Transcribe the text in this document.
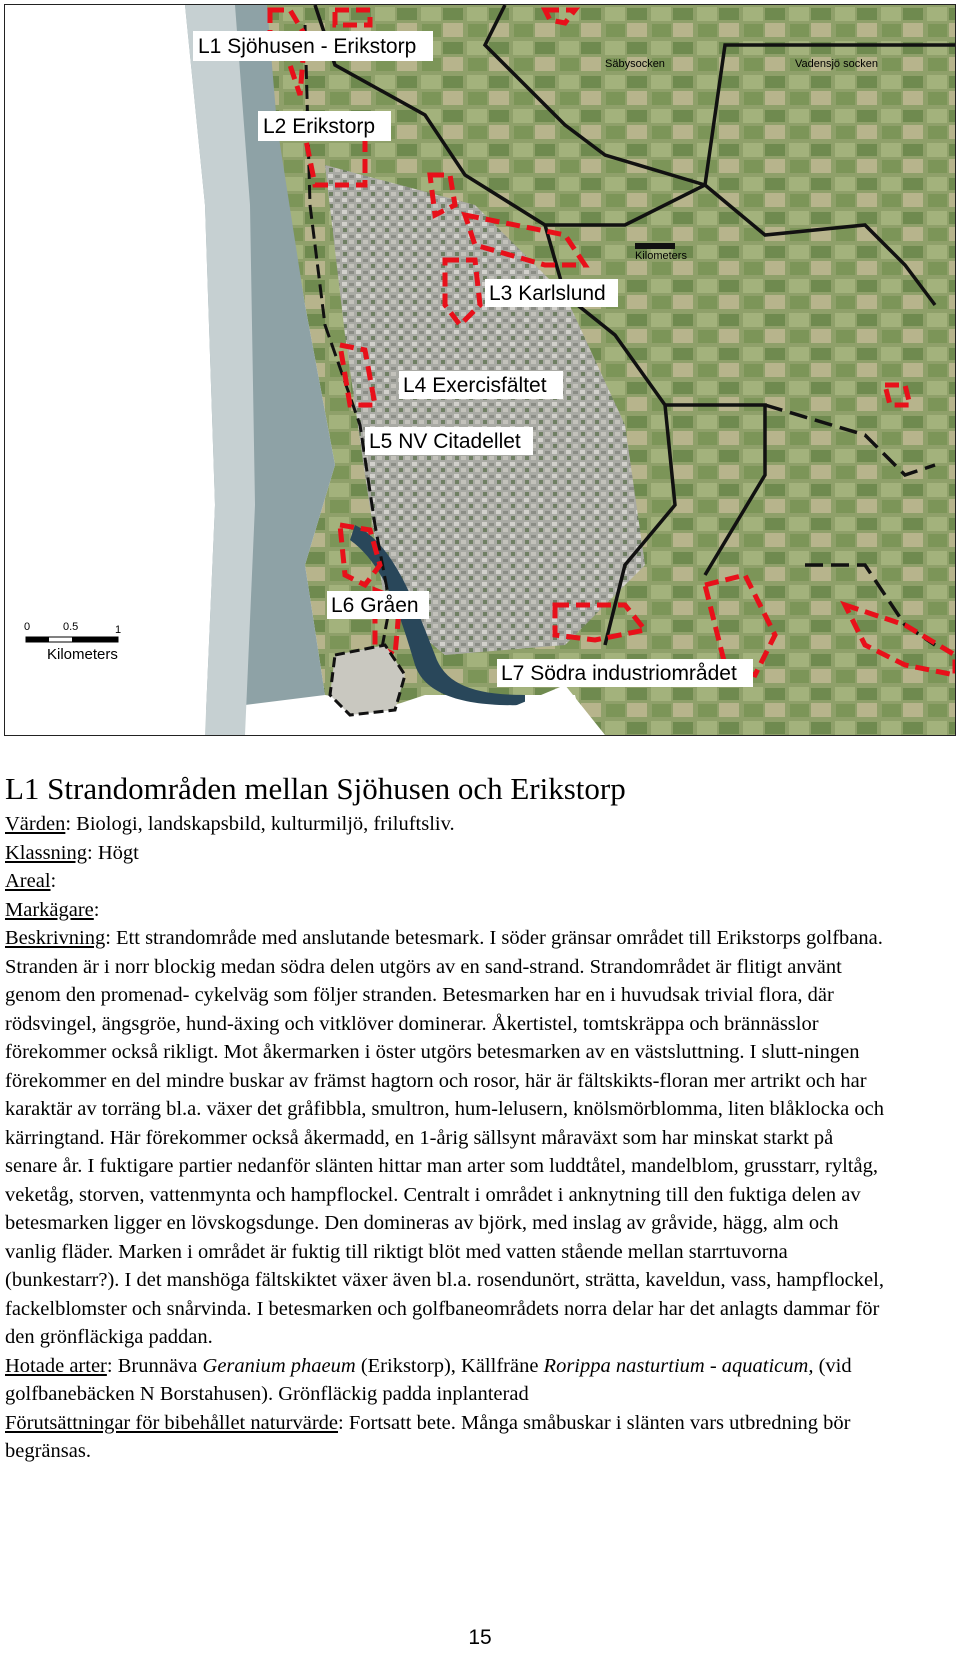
L1 Sjöhusen - Erikstorp
L2 Erikstorp
L3 Karlslund
L4 Exercisfältet
L5 NV Citadellet
L6 Gråen
L7 Södra industriområdet
Säbysocken	Vadensjö socken
Kilometers
0	0.5	1
Kilometers
L1 Strandområden mellan Sjöhusen och Erikstorp

Värden: Biologi, landskapsbild, kulturmiljö, friluftsliv.

Klassning: Högt

Areal:

Markägare:

Beskrivning: Ett strandområde med anslutande betesmark. I söder gränsar området till Erikstorps golfbana. Stranden är i norr blockig medan södra delen utgörs av en sand-strand. Strandområdet är flitigt använt genom den promenad- cykelväg som följer stranden. Betesmarken har en i huvudsak trivial flora, där rödsvingel, ängsgröe, hund-äxing och vitklöver dominerar. Åkertistel, tomtskräppa och brännässlor förekommer också rikligt. Mot åkermarken i öster utgörs betesmarken av en västsluttning. I slutt-ningen förekommer en del mindre buskar av främst hagtorn och rosor, här är fältskikts-floran mer artrikt och har karaktär av torräng bl.a. växer det gråfibbla, smultron, hum-lelusern, knölsmörblomma, liten blåklocka och kärringtand. Här förekommer också åkermadd, en 1-årig sällsynt måraväxt som har minskat starkt på senare år. I fuktigare partier nedanför slänten hittar man arter som luddtåtel, mandelblom, grusstarr, ryltåg, veketåg, storven, vattenmynta och hampflockel. Centralt i området i anknytning till den fuktiga delen av betesmarken ligger en lövskogsdunge. Den domineras av björk, med inslag av gråvide, hägg, alm och vanlig fläder. Marken i området är fuktig till riktigt blöt med vatten stående mellan starrtuvorna (bunkestarr?). I det manshöga fältskiktet växer även bl.a. rosendunört, strätta, kaveldun, vass, hampflockel, fackelblomster och snårvinda. I betesmarken och golfbaneområdets norra delar har det anlagts dammar för den grönfläckiga paddan.

Hotade arter: Brunnäva Geranium phaeum (Erikstorp), Källfräne Rorippa nasturtium - aquaticum, (vid golfbanebäcken N Borstahusen). Grönfläckig padda inplanterad

Förutsättningar för bibehållet naturvärde: Fortsatt bete. Många småbuskar i slänten vars utbredning bör begränsas.

15
